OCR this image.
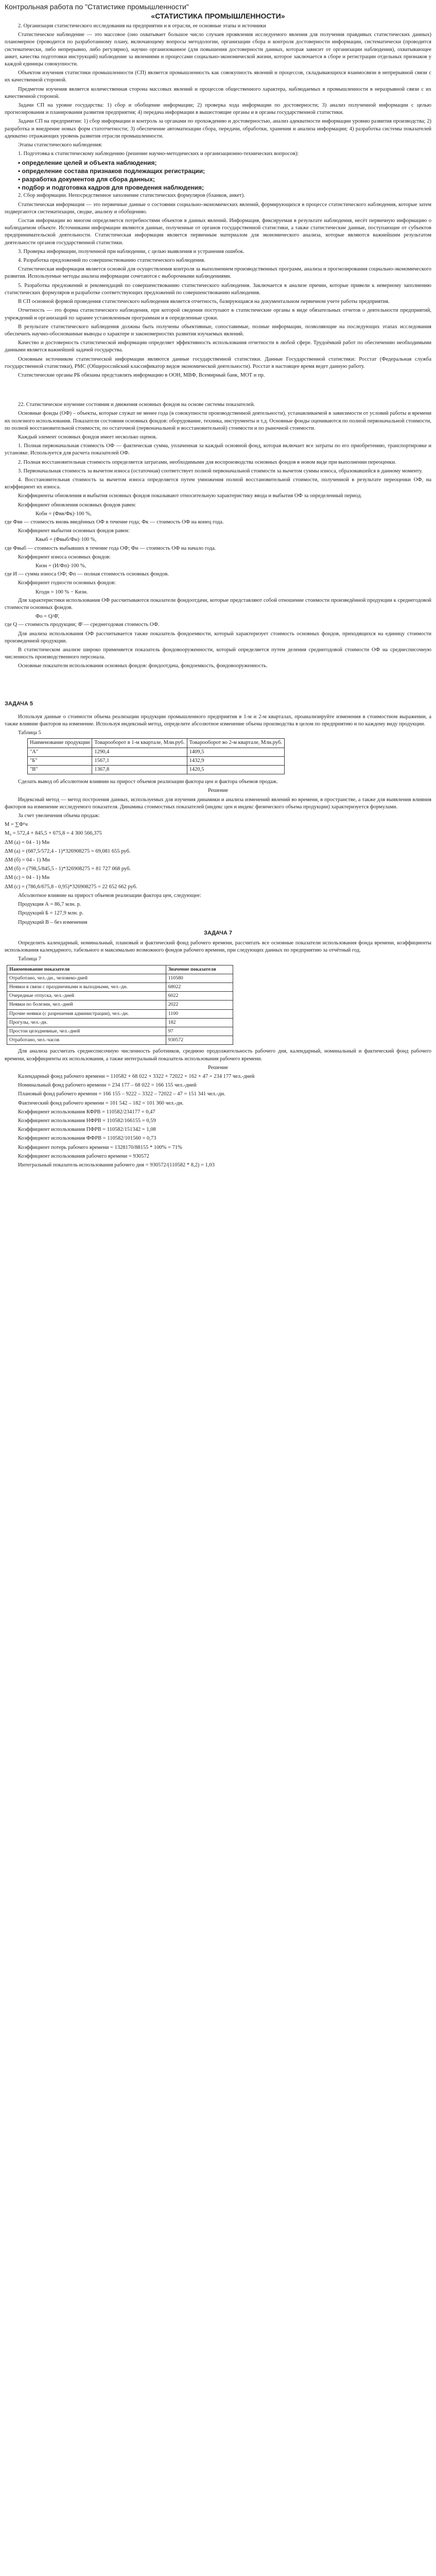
Контрольная работа по "Статистике промышленности"
«СТАТИСТИКА ПРОМЫШЛЕННОСТИ»

2. Организация статистического исследования на предприятии и в отрасли, ее основные этапы и источники

Статистическое наблюдение — это массовое (оно охватывает большое число случаев проявления исследуемого явления для получения правдивых статистических данных) планомерное (проводится по разработанному плану, включающему вопросы методологии, организации сбора и контроля достоверности информации, систематически (проводится систематически, либо непрерывно, либо регулярно), научно организованное (для повышения достоверности данных, которая зависит от организации наблюдения), охватывающее анкет, качества подготовки инструкций) наблюдение за явлениями и процессами социально-экономической жизни, которое заключается в сборе и регистрации отдельных признаков у каждой единицы совокупности.

Объектом изучения статистики промышленности (СП) является промышленность как совокупность явлений и процессов, складывающихся взаимосвязи в непрерывной связи с их качественной стороной.

Предметом изучения является количественная сторона массовых явлений и процессов общественного характера, наблюдаемых в промышленности в неразрывной связи с их качественной стороной.

Задачи СП на уровне государства: 1) сбор и обобщение информации; 2) проверка хода информации по достоверности; 3) анализ полученной информации с целью прогнозирования и планирования развития предприятия; 4) передача информации в вышестоящие органы и в органы государственной статистики.

Задачи СП на предприятии: 1) сбор информации и контроль за органами по прохождению и достоверностью, анализ адекватности информации уровню развития производства; 2) разработка и внедрение новых форм статотчетности; 3) обеспечение автоматизации сбора, передачи, обработки, хранения и анализа информации; 4) разработка системы показателей адекватно отражающих уровень развития отрасли промышленности.

Этапы статистического наблюдения:

1. Подготовка к статистическому наблюдению (решение научно-методических и организационно-технических вопросов):

• определение целей и объекта наблюдения;
• определение состава признаков подлежащих регистрации;
• разработка документов для сбора данных;
• подбор и подготовка кадров для проведения наблюдения;

2. Сбор информации. Непосредственное заполнение статистических формуляров (бланков, анкет).

Статистическая информация — это первичные данные о состоянии социально-экономических явлений, формирующихся в процессе статистического наблюдения, которые затем подвергаются систематизации, сводке, анализу и обобщению.

Состав информации во многом определяется потребностями объектов в данных явлений. Информация, фиксируемая в результате наблюдения, несёт первичную информацию о наблюдаемом объекте. Источниками информации являются данные, полученные от органов государственной статистики, а также статистические данные, поступающие от субъектов предпринимательской деятельности. Статистическая информация является первичным материалом для экономического анализа, которые являются важнейшим результатом деятельности органов государственной статистики.

3. Проверка информации, полученной при наблюдении, с целью выявления и устранения ошибок.

4. Разработка предложений по совершенствованию статистического наблюдения.

Статистическая информация является основой для осуществления контроля за выполнением производственных программ, анализа и прогнозирования социально-экономического развития. Используемые методы анализа информации сочетаются с выборочными наблюдениями.

5. Разработка предложений и рекомендаций по совершенствованию статистического наблюдения. Заключается в анализе причин, которые привели к неверному заполнению статистических формуляров и разработке соответствующих предложений по совершенствованию наблюдения.

В СП основной формой проведения статистического наблюдения является отчетность, базирующаяся на документальном первичном учете работы предприятия.

Отчетность — это форма статистического наблюдения, при которой сведения поступают в статистические органы в виде обязательных отчетов о деятельности предприятий, учреждений и организаций по заранее установленным программам и в определенные сроки.

В результате статистического наблюдения должны быть получены объективные, сопоставимые, полные информации, позволяющие на последующих этапах исследования обеспечить научно-обоснованные выводы о характере и закономерностях развития изучаемых явлений.

Качество и достоверность статистической информации определяет эффективность использования отчетности в любой сфере. Трудоёмкий работ по обеспечению необходимыми данными является важнейшей задачей государства.

Основным источником статистической информации являются данные государственной статистики. Данные Государственной статистики: Росстат (Федеральная служба государственной статистики), РМС (Общероссийский классификатор видов экономической деятельности). Росстат в настоящее время ведет данную работу.

Статистические органы РБ обязаны представлять информацию в ООН, МВФ, Всемирный банк, МОТ и пр.

22. Статистическое изучение состояния и движения основных фондов на основе системы показателей.

Основные фонды (ОФ) – объекты, которые служат не менее года (в совокупности производственной деятельности), устанавливаемой в зависимости от условий работы и времени их полезного использования. Показатели состояния основных фондов: оборудование, техника, инструменты и т.д. Основные фонды оцениваются по полной первоначальной стоимости, по полной восстановительной стоимости, по остаточной (первоначальной и восстановительной) стоимости и по рыночной стоимости.

Каждый элемент основных фондов имеет несколько оценок.

1. Полная первоначальная стоимость ОФ — фактическая сумма, уплаченная за каждый основной фонд, которая включает все затраты по его приобретению, транспортировке и установке. Используется для расчета показателей ОФ.

2. Полная восстановительная стоимость определяется затратами, необходимыми для воспроизводства основных фондов в новом виде при выполнении переоценки.

3. Первоначальная стоимость за вычетом износа (остаточная) соответствует полной первоначальной стоимости за вычетом суммы износа, образовавшейся в данному моменту.

4. Восстановительная стоимость за вычетом износа определяется путем умножения полной восстановительной стоимости, полученной в результате переоценки ОФ, на коэффициент их износа.

Коэффициенты обновления и выбытия основных фондов показывают относительную характеристику ввода и выбытия ОФ за определенный период.

Коэффициент обновления основных фондов равен:

Кобн = (Фвв/Фк)·100 %,

где Фвв — стоимость вновь введённых ОФ в течение года; Фк — стоимость ОФ на конец года.

Коэффициент выбытия основных фондов равен:

Квыб = (Фвыб/Фн)·100 %,

где Фвыб — стоимость выбывших в течение года ОФ; Фн — стоимость ОФ на начало года.

Коэффициент износа основных фондов:

Кизн = (И/Фп)·100 %,

где И — сумма износа ОФ; Фп — полная стоимость основных фондов.

Коэффициент годности основных фондов:

Кгодн = 100 % − Кизн.

Для характеристики использования ОФ рассчитываются показатели фондоотдачи, которые представляют собой отношение стоимости произведённой продукции к среднегодовой стоимости основных фондов.

Фо = Q/Ф̄,

где Q — стоимость продукции; Ф̄ — среднегодовая стоимость ОФ.

Для анализа использования ОФ рассчитывается также показатель фондоемкости, который характеризует стоимость основных фондов, приходящихся на единицу стоимости произведенной продукции.

В статистическом анализе широко применяется показатель фондовооруженности, который определяется путем деления среднегодовой стоимости ОФ на среднесписочную численность производственного персонала.

Основные показатели использования основных фондов: фондоотдача, фондоемкость, фондовооруженность.

ЗАДАЧА 5

Используя данные о стоимости объема реализации продукции промышленного предприятия в 1-м и 2-м кварталах, проанализируйте изменения в стоимостном выражении, а также влияние факторов на изменение. Используя индексный метод, определите абсолютное изменение объема производства в целом по предприятию и по каждому виду продукции.

Таблица 5

Наименование продукции	Товарооборот в 1-м квартале, Млн.руб.	Товарооборот во 2-м квартале, Млн.руб.
"А"	1290,4	1409,5
"Б"	1567,1	1432,9
"В"	1367,8	1420,5

Сделать вывод об абсолютном влиянии на прирост объемов реализации фактора цен и фактора объемов продаж.

Решение

Индексный метод — метод построения данных, используемых для изучения динамики и анализа изменений явлений во времени, в пространстве, а также для выявления влияния факторов на изменение исследуемого показателя. Динамика стоимостных показателей (индекс цен и индекс физического объема продукции) характеризуется формулами.

За счет увеличения объема продаж:

М = ∑Ф¹ч

М₀ = 572,4 + 845,5 + 675,8 = 4 300 566,375

ΔМ (а) = 04 - 1) Мн

ΔМ (а) = (687,5/572,4 - 1)*326908275 = 69,081 655 руб.

ΔМ (б) = 04 - 1) Мн

ΔМ (б) = (798,5/845,5 - 1)*326908275 = 81 727 068 руб.

ΔМ (с) = 04 - 1) Мн

ΔМ (с) = (786,6/675,8 - 0,95)*326908275 = 22 652 662 руб.

Абсолютное влияние на прирост объемов реализации фактора цен, следующее:

Продукция А = 86,7 млн. р.

Продукций Б = 127,9 млн. р.

Продукций В – без изменения

ЗАДАЧА 7

Определить календарный, номинальный, плановый и фактический фонд рабочего времени, рассчитать все основные показатели использования фонда времени, коэффициенты использования календарного, табельного и максимально возможного фондов рабочего времени, при следующих данных по предприятию за отчётный год.

Таблица 7

Наименование показателя	Значение показателя
Отработано, чел.-дн., человеко-дней	110580
Неявки в связи с праздничными и выходными, чел.-дн.	68022
Очередные отпуска, чел.-дней	6022
Неявки по болезни, чел.-дней	2022
Прочие неявки (с разрешения администрации), чел.-дн.	1100
Прогулы, чел.-дн.	182
Простои целодневные, чел.-дней	97
Отработано, чел.-часов	930572

Для анализа рассчитать среднесписочную численность работников, среднюю продолжительность рабочего дня, календарный, номинальный и фактический фонд рабочего времени, коэффициенты их использования, а также интегральный показатель использования рабочего времени.

Решение

Календарный фонд рабочего времени = 110582 + 68 022 + 3322 + 72022 + 162 + 47 = 234 177 чел.-дней

Номинальный фонд рабочего времени = 234 177 – 68 022 = 166 155 чел.-дней

Плановый фонд рабочего времени = 166 155 – 9222 – 3322 – 72022 – 47 = 151 341 чел.-дн.

Фактический фонд рабочего времени = 101 542 – 182 = 101 360 чел.-дн.

Коэффициент использования КФРВ = 110582/234177 = 0,47

Коэффициент использования НФРВ = 110582/166155 = 0,59

Коэффициент использования ПФРВ = 110582/151342 = 1,08

Коэффициент использования ФФРВ = 110582/101560 = 0,73

Коэффициент потерь рабочего времени = 1328170/88155 * 100% = 71%

Коэффициент использования рабочего времени = 930572

Интегральный показатель использования рабочего дня = 930572/(110582 * 8,2) = 1,03
